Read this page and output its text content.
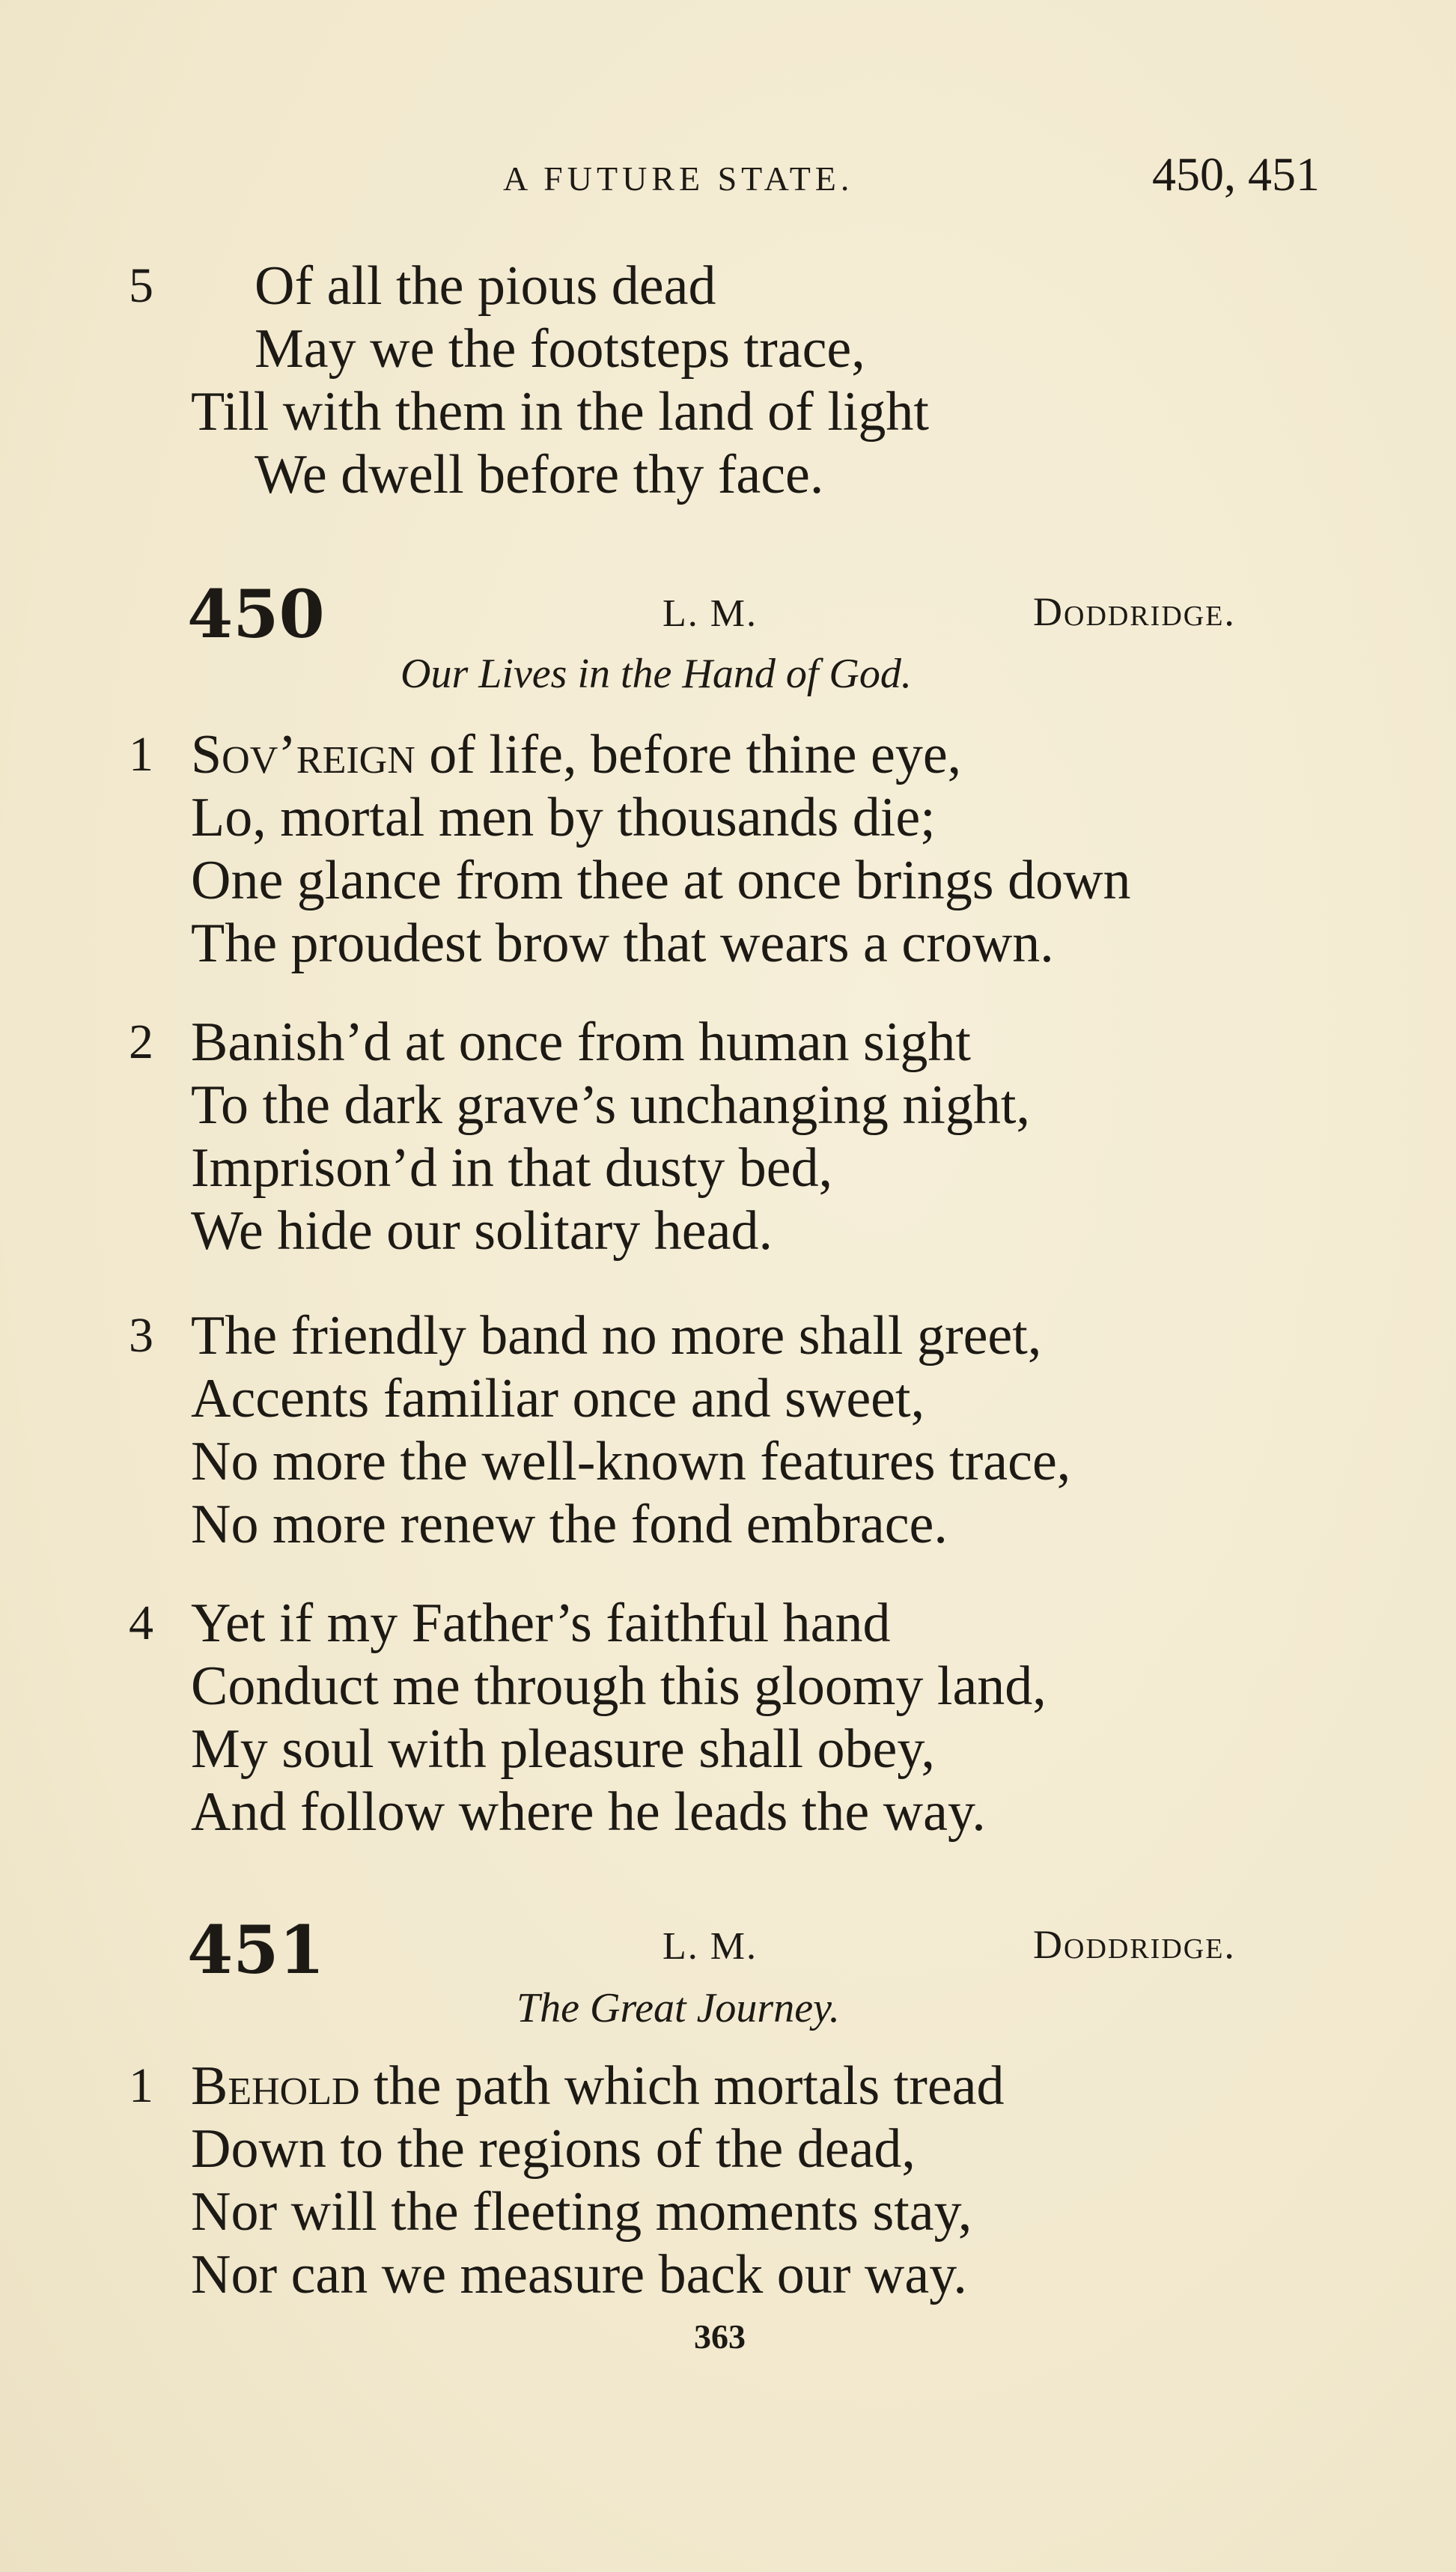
A FUTURE STATE.	450, 451
5 Of all the pious dead
May we the footsteps trace,
Till with them in the land of light
We dwell before thy face.
450	L. M.	Doddridge.
Our Lives in the Hand of God.
1 Sov’reign of life, before thine eye,
Lo, mortal men by thousands die;
One glance from thee at once brings down
The proudest brow that wears a crown.
2 Banish’d at once from human sight
To the dark grave’s unchanging night,
Imprison’d in that dusty bed,
We hide our solitary head.
3 The friendly band no more shall greet,
Accents familiar once and sweet,
No more the well-known features trace,
No more renew the fond embrace.
4 Yet if my Father’s faithful hand
Conduct me through this gloomy land,
My soul with pleasure shall obey,
And follow where he leads the way.
451	L. M.	Doddridge.
The Great Journey.
1 Behold the path which mortals tread
Down to the regions of the dead,
Nor will the fleeting moments stay,
Nor can we measure back our way.
363
